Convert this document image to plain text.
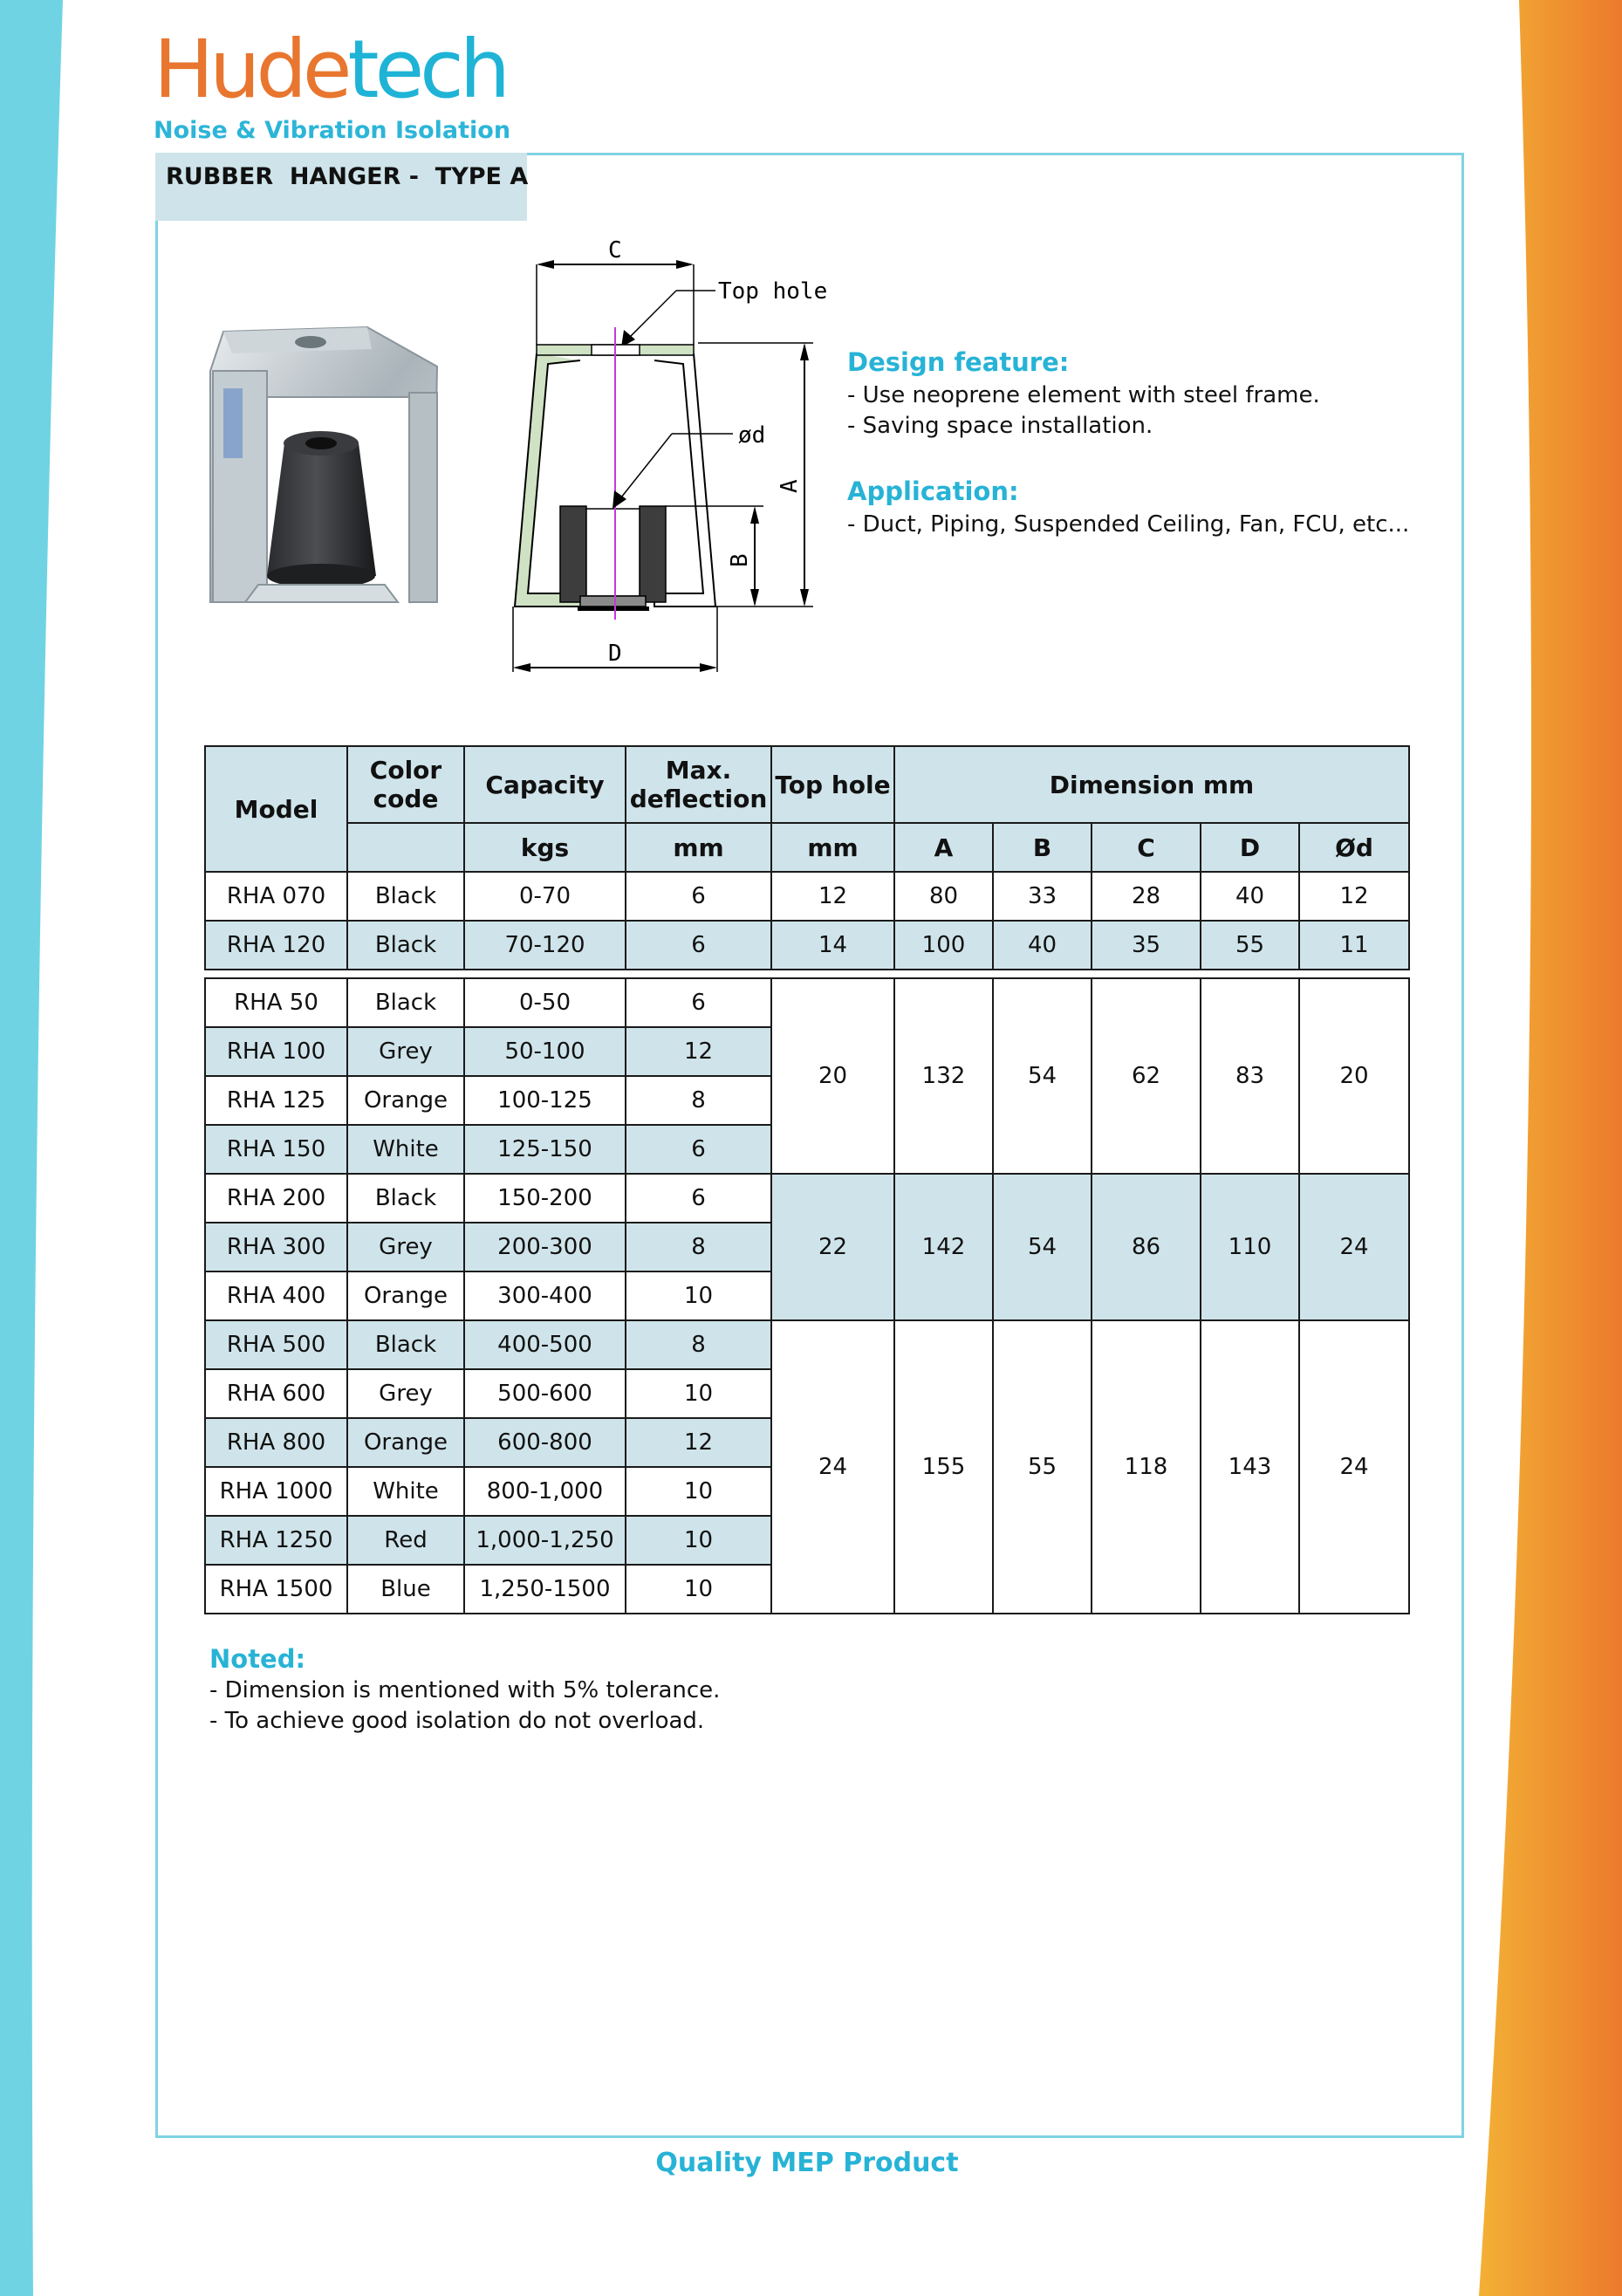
Hudetech
Noise & Vibration Isolation
RUBBER  HANGER -  TYPE A
C
Top hole
ød
A
B
D
Design feature:

- Use neoprene element with steel frame.

- Saving space installation.

Application:

- Duct, Piping, Suspended Ceiling, Fan, FCU, etc...

Model	Color code	Capacity	Max. deflection	Top hole	Dimension mm				
		kgs	mm	mm	A	B	C	D	Ød
RHA 070	Black	0-70	6	12	80	33	28	40	12
RHA 120	Black	70-120	6	14	100	40	35	55	11
RHA 50	Black	0-50	6	20	132	54	62	83	20
RHA 100	Grey	50-100	12						
RHA 125	Orange	100-125	8						
RHA 150	White	125-150	6						
RHA 200	Black	150-200	6	22	142	54	86	110	24
RHA 300	Grey	200-300	8						
RHA 400	Orange	300-400	10						
RHA 500	Black	400-500	8	24	155	55	118	143	24
RHA 600	Grey	500-600	10						
RHA 800	Orange	600-800	12						
RHA 1000	White	800-1,000	10						
RHA 1250	Red	1,000-1,250	10						
RHA 1500	Blue	1,250-1500	10						
Noted:

- Dimension is mentioned with 5% tolerance.

- To achieve good isolation do not overload.

Quality MEP Product
